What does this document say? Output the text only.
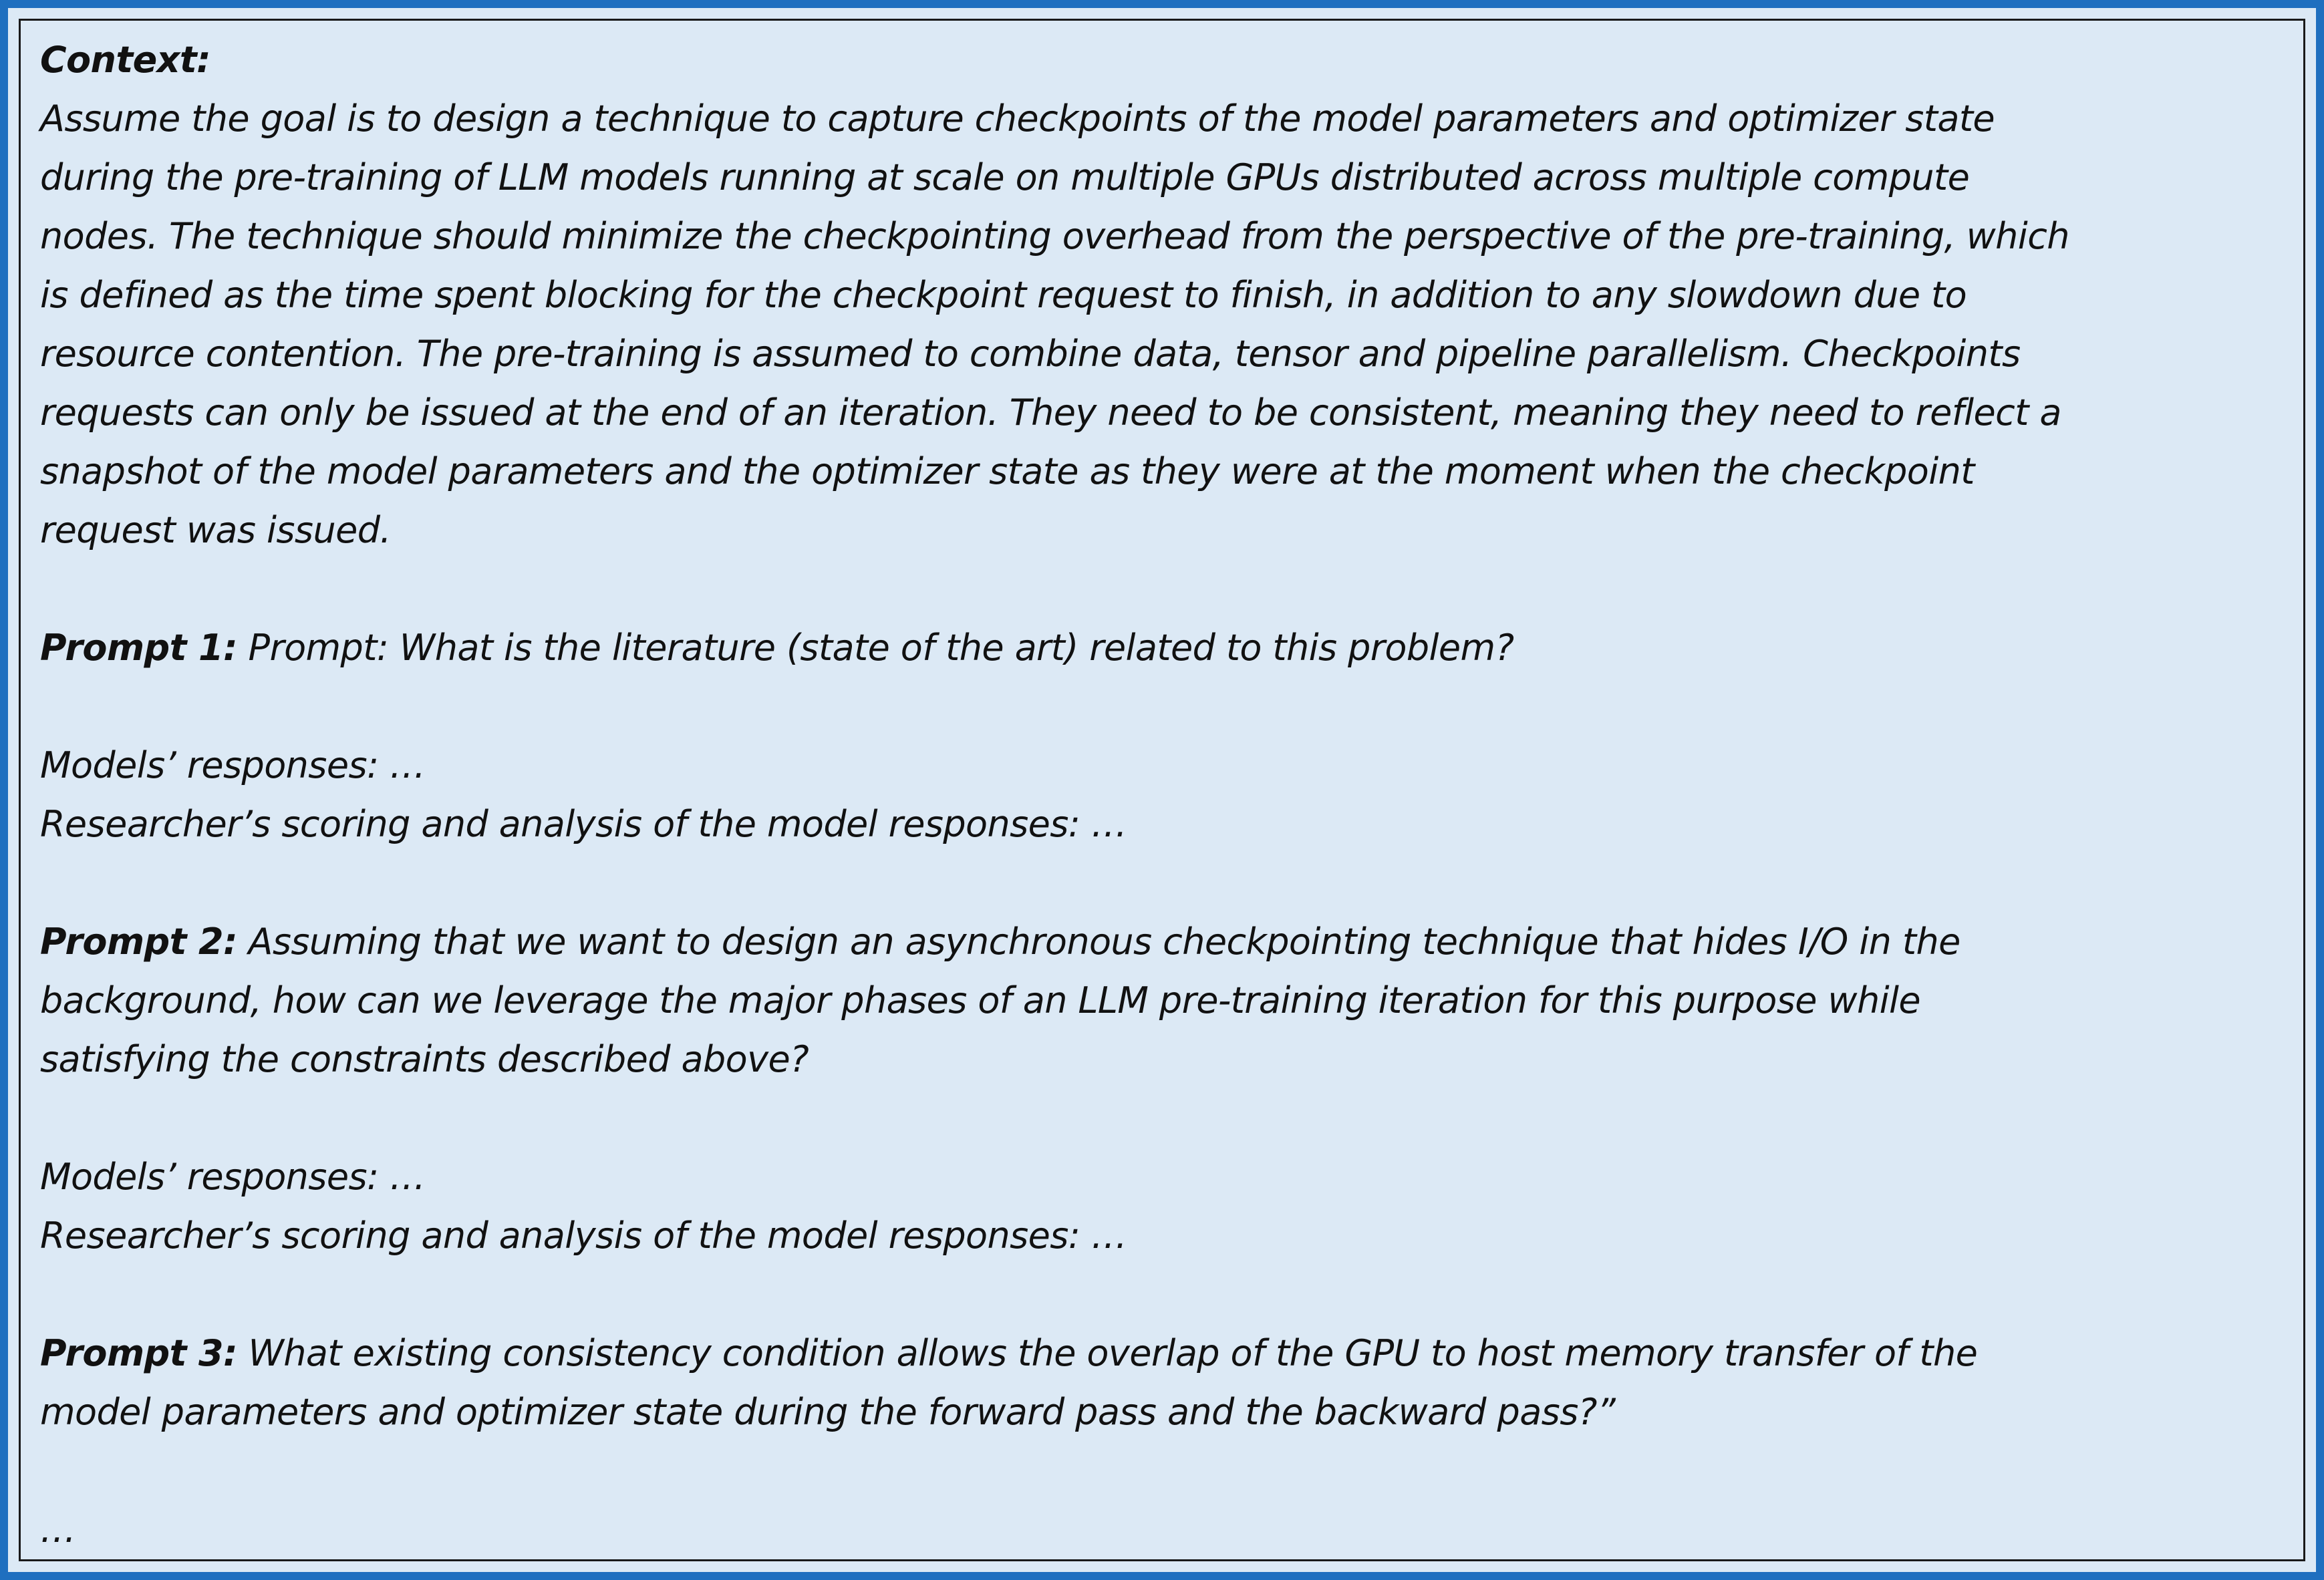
Context:
Assume the goal is to design a technique to capture checkpoints of the model parameters and optimizer state
during the pre-training of LLM models running at scale on multiple GPUs distributed across multiple compute
nodes. The technique should minimize the checkpointing overhead from the perspective of the pre-training, which
is defined as the time spent blocking for the checkpoint request to finish, in addition to any slowdown due to
resource contention. The pre-training is assumed to combine data, tensor and pipeline parallelism. Checkpoints
requests can only be issued at the end of an iteration. They need to be consistent, meaning they need to reflect a
snapshot of the model parameters and the optimizer state as they were at the moment when the checkpoint
request was issued.
Prompt 1: Prompt: What is the literature (state of the art) related to this problem?
Models’ responses: …
Researcher’s scoring and analysis of the model responses: …
Prompt 2: Assuming that we want to design an asynchronous checkpointing technique that hides I/O in the
background, how can we leverage the major phases of an LLM pre-training iteration for this purpose while
satisfying the constraints described above?
Models’ responses: …
Researcher’s scoring and analysis of the model responses: …
Prompt 3: What existing consistency condition allows the overlap of the GPU to host memory transfer of the
model parameters and optimizer state during the forward pass and the backward pass?”
…
